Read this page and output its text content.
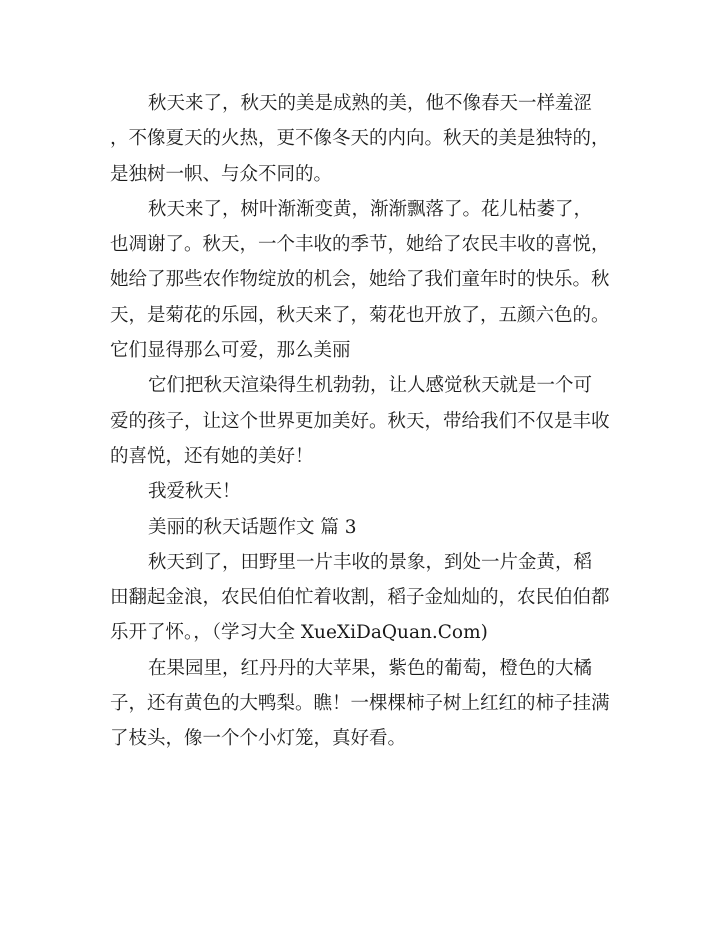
秋天来了，秋天的美是成熟的美，他不像春天一样羞涩
，不像夏天的火热，更不像冬天的内向。秋天的美是独特的，
是独树一帜、与众不同的。
秋天来了，树叶渐渐变黄，渐渐飘落了。花儿枯萎了，
也凋谢了。秋天，一个丰收的季节，她给了农民丰收的喜悦，
她给了那些农作物绽放的机会，她给了我们童年时的快乐。秋
天，是菊花的乐园，秋天来了，菊花也开放了，五颜六色的。
它们显得那么可爱，那么美丽
它们把秋天渲染得生机勃勃，让人感觉秋天就是一个可
爱的孩子，让这个世界更加美好。秋天，带给我们不仅是丰收
的喜悦，还有她的美好！
我爱秋天！
美丽的秋天话题作文 篇 3
秋天到了，田野里一片丰收的景象，到处一片金黄，稻
田翻起金浪，农民伯伯忙着收割，稻子金灿灿的，农民伯伯都
乐开了怀。，（学习大全 XueXiDaQuan.Com)
在果园里，红丹丹的大苹果，紫色的葡萄，橙色的大橘
子，还有黄色的大鸭梨。瞧！一棵棵柿子树上红红的柿子挂满
了枝头，像一个个小灯笼，真好看。
